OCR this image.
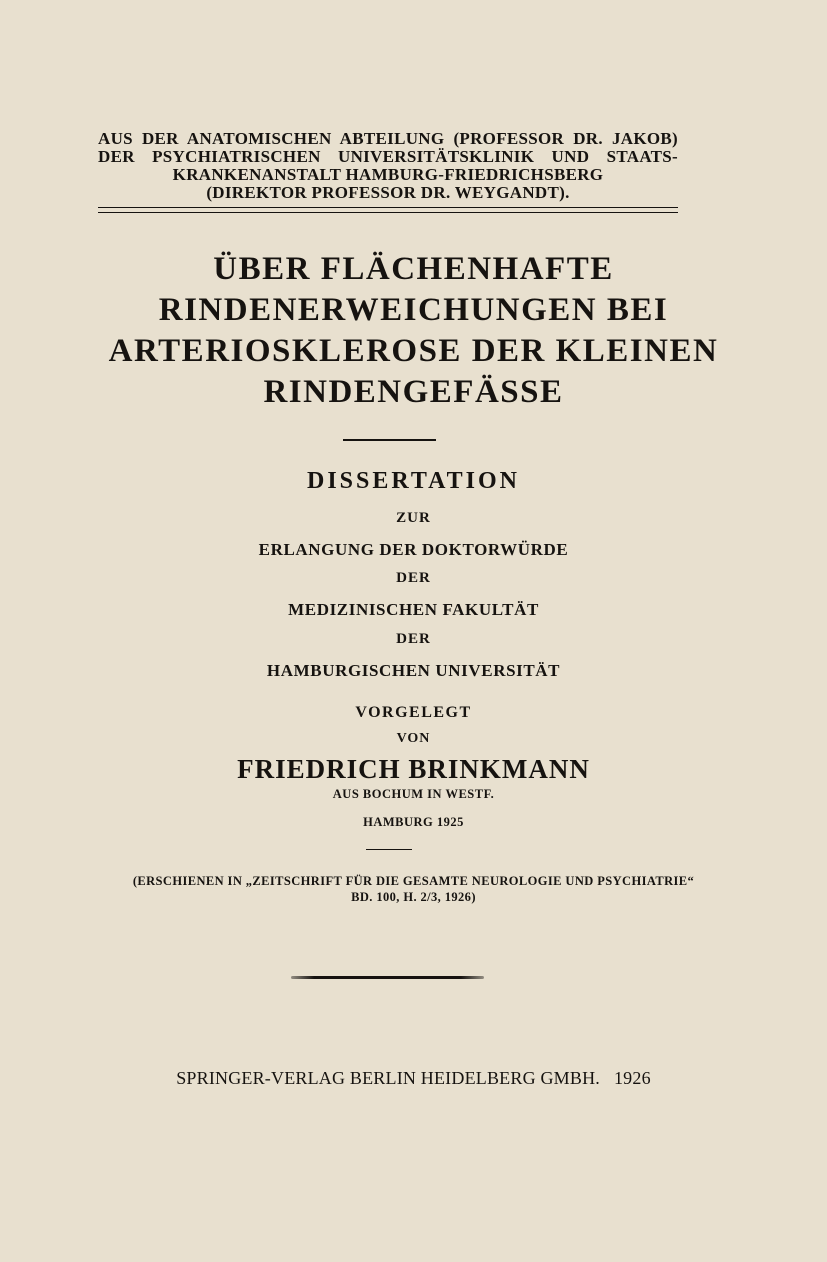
AUS DER ANATOMISCHEN ABTEILUNG (PROFESSOR DR. JAKOB)
DER PSYCHIATRISCHEN UNIVERSITÄTSKLINIK UND STAATS-
KRANKENANSTALT HAMBURG-FRIEDRICHSBERG
(DIREKTOR PROFESSOR DR. WEYGANDT).
ÜBER FLÄCHENHAFTE
RINDENERWEICHUNGEN BEI
ARTERIOSKLEROSE DER KLEINEN
RINDENGEFÄSSE
DISSERTATION
ZUR
ERLANGUNG DER DOKTORWÜRDE
DER
MEDIZINISCHEN FAKULTÄT
DER
HAMBURGISCHEN UNIVERSITÄT
VORGELEGT
VON
FRIEDRICH BRINKMANN
AUS BOCHUM IN WESTF.
HAMBURG 1925
(ERSCHIENEN IN „ZEITSCHRIFT FÜR DIE GESAMTE NEUROLOGIE UND PSYCHIATRIE“
BD. 100, H. 2/3, 1926)
SPRINGER-VERLAG BERLIN HEIDELBERG GMBH. 1926
